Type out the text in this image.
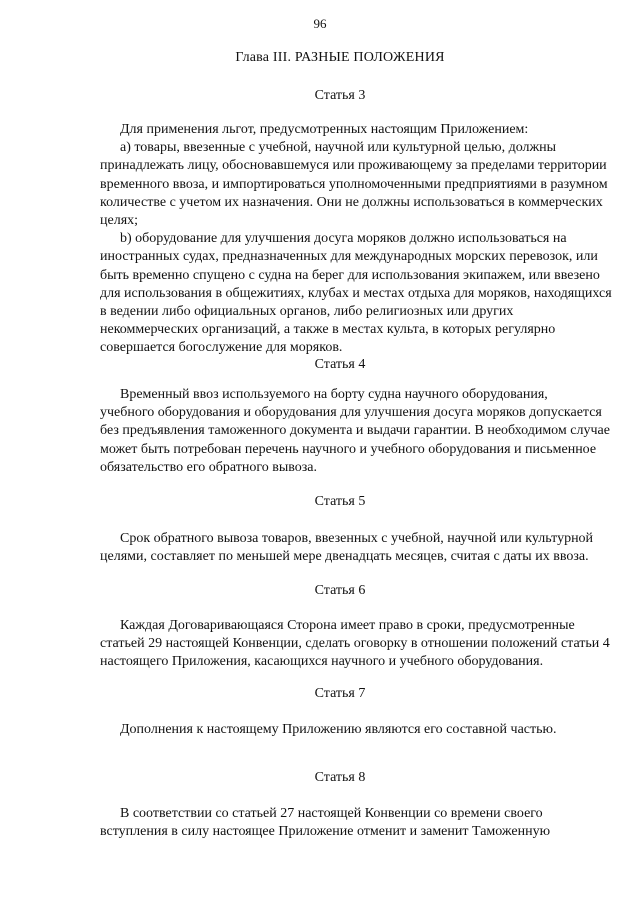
96
Глава III. РАЗНЫЕ ПОЛОЖЕНИЯ
Статья 3
Для применения льгот, предусмотренных настоящим Приложением:
a) товары, ввезенные с учебной, научной или культурной целью, должны
принадлежать лицу, обосновавшемуся или проживающему за пределами территории
временного ввоза, и импортироваться уполномоченными предприятиями в разумном
количестве с учетом их назначения. Они не должны использоваться в коммерческих
целях;
b) оборудование для улучшения досуга моряков должно использоваться на
иностранных судах, предназначенных для международных морских перевозок, или
быть временно спущено с судна на берег для использования экипажем, или ввезено
для использования в общежитиях, клубах и местах отдыха для моряков, находящихся
в ведении либо официальных органов, либо религиозных или других
некоммерческих организаций, а также в местах культа, в которых регулярно
совершается богослужение для моряков.
Статья 4
Временный ввоз используемого на борту судна научного оборудования,
учебного оборудования и оборудования для улучшения досуга моряков допускается
без предъявления таможенного документа и выдачи гарантии. В необходимом случае
может быть потребован перечень научного и учебного оборудования и письменное
обязательство его обратного вывоза.
Статья 5
Срок обратного вывоза товаров, ввезенных с учебной, научной или культурной
целями, составляет по меньшей мере двенадцать месяцев, считая с даты их ввоза.
Статья 6
Каждая Договаривающаяся Сторона имеет право в сроки, предусмотренные
статьей 29 настоящей Конвенции, сделать оговорку в отношении положений статьи 4
настоящего Приложения, касающихся научного и учебного оборудования.
Статья 7
Дополнения к настоящему Приложению являются его составной частью.
Статья 8
В соответствии со статьей 27 настоящей Конвенции со времени своего
вступления в силу настоящее Приложение отменит и заменит Таможенную
